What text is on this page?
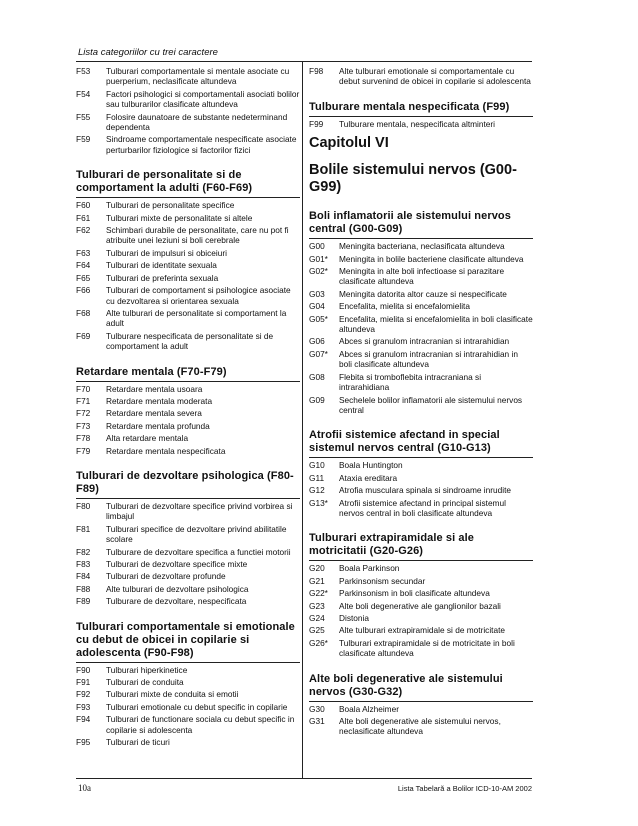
Lista categoriilor cu trei caractere
F53	Tulburari comportamentale si mentale asociate cu puerperium, neclasificate altundeva
F54	Factori psihologici si comportamentali asociati bolilor sau tulburarilor clasificate altundeva
F55	Folosire daunatoare de substante nedeterminand dependenta
F59	Sindroame comportamentale nespecificate asociate perturbarilor fiziologice si factorilor fizici
Tulburari de personalitate si de comportament la adulti (F60-F69)
F60	Tulburari de personalitate specifice
F61	Tulburari mixte de personalitate si altele
F62	Schimbari durabile de personalitate, care nu pot fi atribuite unei leziuni si boli cerebrale
F63	Tulburari de impulsuri si obiceiuri
F64	Tulburari de identitate sexuala
F65	Tulburari de preferinta sexuala
F66	Tulburari de comportament si psihologice asociate cu dezvoltarea si orientarea sexuala
F68	Alte tulburari de personalitate si comportament la adult
F69	Tulburare nespecificata de personalitate si de comportament la adult
Retardare mentala (F70-F79)
F70	Retardare mentala usoara
F71	Retardare mentala moderata
F72	Retardare mentala severa
F73	Retardare mentala profunda
F78	Alta retardare mentala
F79	Retardare mentala nespecificata
Tulburari de dezvoltare psihologica (F80-F89)
F80	Tulburari de dezvoltare specifice privind vorbirea si limbajul
F81	Tulburari specifice de dezvoltare privind abilitatile scolare
F82	Tulburare de dezvoltare specifica a functiei motorii
F83	Tulburari de dezvoltare specifice mixte
F84	Tulburari de dezvoltare profunde
F88	Alte tulburari de dezvoltare psihologica
F89	Tulburare de dezvoltare, nespecificata
Tulburari comportamentale si emotionale cu debut de obicei in copilarie si adolescenta (F90-F98)
F90	Tulburari hiperkinetice
F91	Tulburari de conduita
F92	Tulburari mixte de conduita si emotii
F93	Tulburari emotionale cu debut specific in copilarie
F94	Tulburari de functionare sociala cu debut specific in copilarie si adolescenta
F95	Tulburari de ticuri
F98	Alte tulburari emotionale si comportamentale cu debut survenind de obicei in copilarie si adolescenta
Tulburare mentala nespecificata (F99)
F99	Tulburare mentala, nespecificata altminteri
Capitolul VI
Bolile sistemului nervos (G00-G99)
Boli inflamatorii ale sistemului nervos central (G00-G09)
G00	Meningita bacteriana, neclasificata altundeva
G01*	Meningita in bolile bacteriene clasificate altundeva
G02*	Meningita in alte boli infectioase si parazitare clasificate altundeva
G03	Meningita datorita altor cauze si nespecificate
G04	Encefalita, mielita si encefalomielita
G05*	Encefalita, mielita si encefalomielita in boli clasificate altundeva
G06	Abces si granulom intracranian si intrarahidian
G07*	Abces si granulom intracranian si intrarahidian in boli clasificate altundeva
G08	Flebita si tromboflebita intracraniana si intrarahidiana
G09	Sechelele bolilor inflamatorii ale sistemului nervos central
Atrofii sistemice afectand in special sistemul nervos central (G10-G13)
G10	Boala Huntington
G11	Ataxia ereditara
G12	Atrofia musculara spinala si sindroame inrudite
G13*	Atrofii sistemice afectand in principal sistemul nervos central in boli clasificate altundeva
Tulburari extrapiramidale si ale motricitatii (G20-G26)
G20	Boala Parkinson
G21	Parkinsonism secundar
G22*	Parkinsonism in boli clasificate altundeva
G23	Alte boli degenerative ale ganglionilor bazali
G24	Distonia
G25	Alte tulburari extrapiramidale si de motricitate
G26*	Tulburari extrapiramidale si de motricitate in boli clasificate altundeva
Alte boli degenerative ale sistemului nervos (G30-G32)
G30	Boala Alzheimer
G31	Alte boli degenerative ale sistemului nervos, neclasificate altundeva
10a	Lista Tabelară a Bolilor ICD-10-AM 2002
